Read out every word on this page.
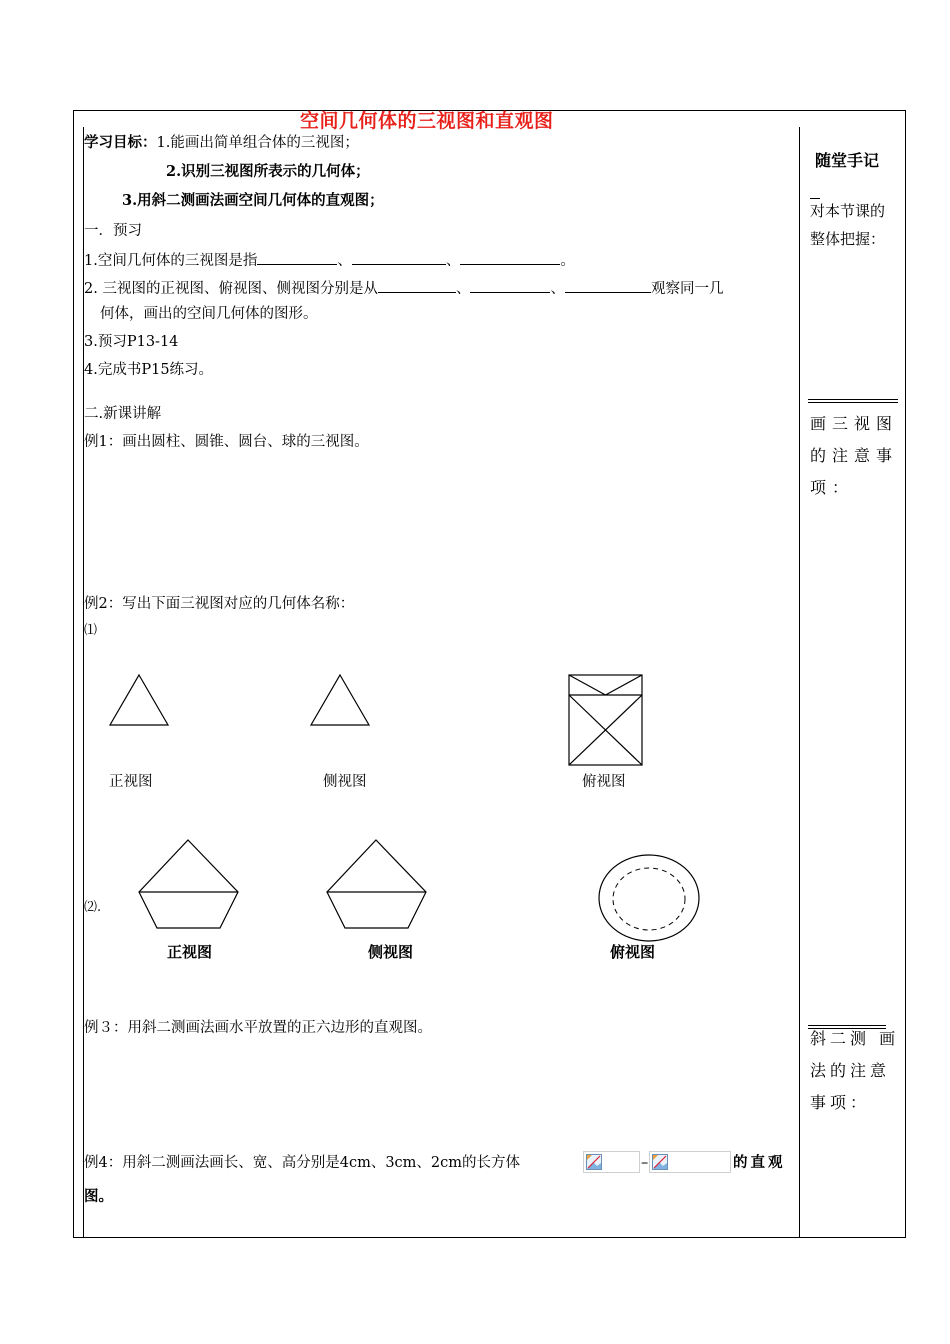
空间几何体的三视图和直观图
学习目标：1.能画出简单组合体的三视图；
2.识别三视图所表示的几何体；
3.用斜二测画法画空间几何体的直观图；
一．预习
1.空间几何体的三视图是指	、	、	。
2. 三视图的正视图、俯视图、侧视图分别是从	、	、	观察同一几
何体，画出的空间几何体的图形。
3.预习P13-14
4.完成书P15练习。
二.新课讲解
例1：画出圆柱、圆锥、圆台、球的三视图。
例2：写出下面三视图对应的几何体名称：
⑴
正视图	侧视图	俯视图
⑵.
正视图	侧视图	俯视图
例３：用斜二测画法画水平放置的正六边形的直观图。
例4：用斜二测画法画长、宽、高分别是4cm、3cm、2cm的长方体	–	的直观
图。
随堂手记
对本节课的
整体把握：
画三视图
的注意事
项：
斜二测 画
法的注意
事项：
